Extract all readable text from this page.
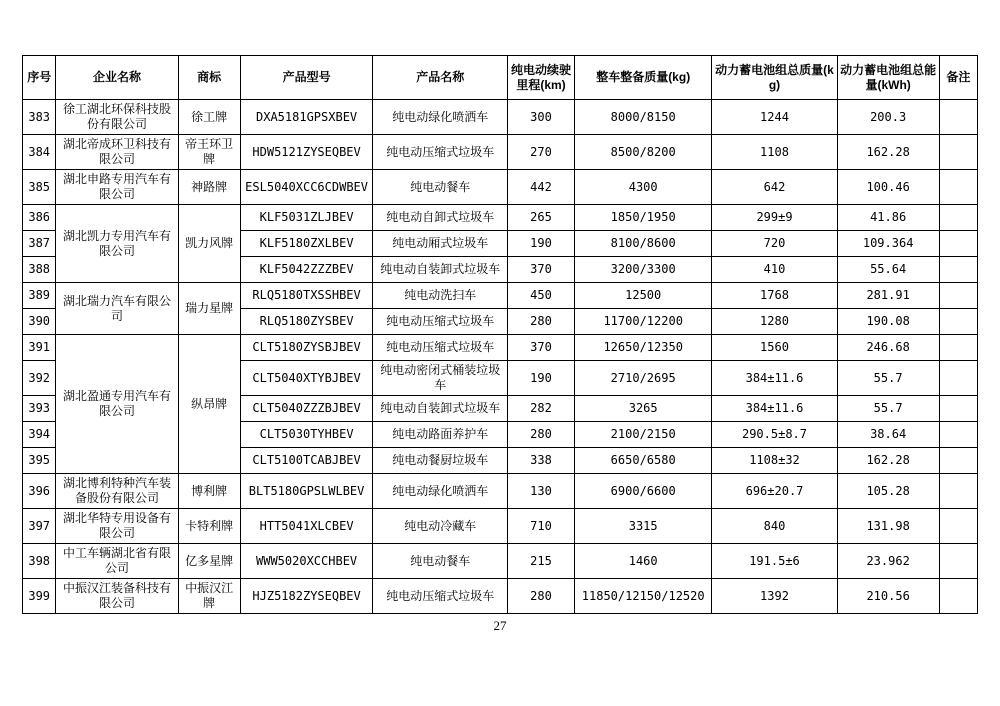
序号	企业名称	商标	产品型号	产品名称	纯电动续驶里程(km)	整车整备质量(kg)	动力蓄电池组总质量(kg)	动力蓄电池组总能量(kWh)	备注
383	徐工湖北环保科技股份有限公司	徐工牌	DXA5181GPSXBEV	纯电动绿化喷洒车	300	8000/8150	1244	200.3	
384	湖北帝成环卫科技有限公司	帝王环卫牌	HDW5121ZYSEQBEV	纯电动压缩式垃圾车	270	8500/8200	1108	162.28	
385	湖北申路专用汽车有限公司	神路牌	ESL5040XCC6CDWBEV	纯电动餐车	442	4300	642	100.46	
386	湖北凯力专用汽车有限公司	凯力风牌	KLF5031ZLJBEV	纯电动自卸式垃圾车	265	1850/1950	299±9	41.86	
387			KLF5180ZXLBEV	纯电动厢式垃圾车	190	8100/8600	720	109.364	
388			KLF5042ZZZBEV	纯电动自装卸式垃圾车	370	3200/3300	410	55.64	
389	湖北瑞力汽车有限公司	瑞力星牌	RLQ5180TXSSHBEV	纯电动洗扫车	450	12500	1768	281.91	
390			RLQ5180ZYSBEV	纯电动压缩式垃圾车	280	11700/12200	1280	190.08	
391	湖北盈通专用汽车有限公司	纵昂牌	CLT5180ZYSBJBEV	纯电动压缩式垃圾车	370	12650/12350	1560	246.68	
392			CLT5040XTYBJBEV	纯电动密闭式桶装垃圾车	190	2710/2695	384±11.6	55.7	
393			CLT5040ZZZBJBEV	纯电动自装卸式垃圾车	282	3265	384±11.6	55.7	
394			CLT5030TYHBEV	纯电动路面养护车	280	2100/2150	290.5±8.7	38.64	
395			CLT5100TCABJBEV	纯电动餐厨垃圾车	338	6650/6580	1108±32	162.28	
396	湖北博利特种汽车装备股份有限公司	博利牌	BLT5180GPSLWLBEV	纯电动绿化喷洒车	130	6900/6600	696±20.7	105.28	
397	湖北华特专用设备有限公司	卡特利牌	HTT5041XLCBEV	纯电动冷藏车	710	3315	840	131.98	
398	中工车辆湖北省有限公司	亿多星牌	WWW5020XCCHBEV	纯电动餐车	215	1460	191.5±6	23.962	
399	中振汉江装备科技有限公司	中振汉江牌	HJZ5182ZYSEQBEV	纯电动压缩式垃圾车	280	11850/12150/12520	1392	210.56	
27
